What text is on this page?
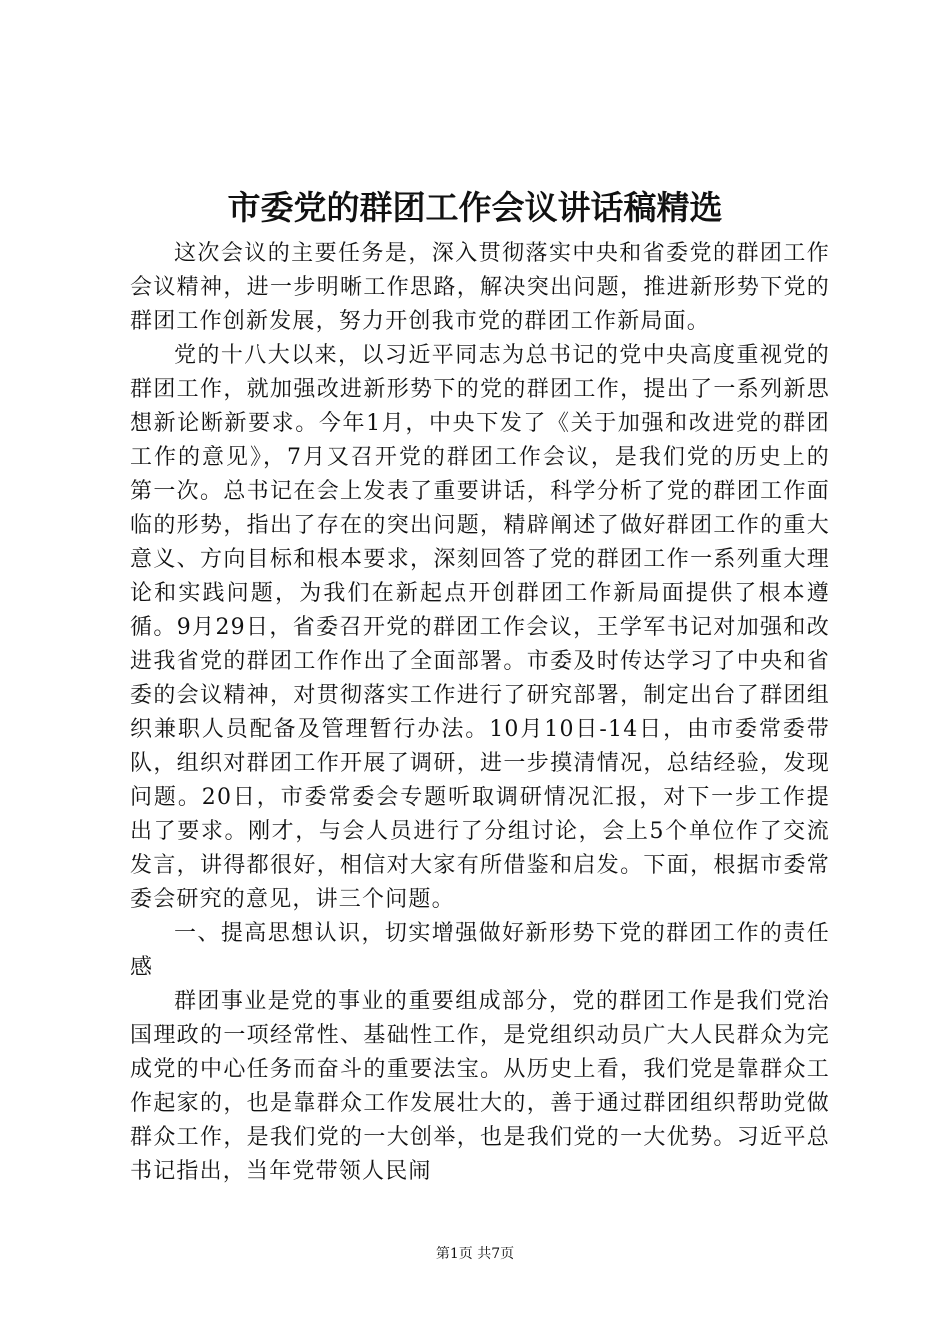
市委党的群团工作会议讲话稿精选

这次会议的主要任务是，深入贯彻落实中央和省委党的群团工作会议精神，进一步明晰工作思路，解决突出问题，推进新形势下党的群团工作创新发展，努力开创我市党的群团工作新局面。

党的十八大以来，以习近平同志为总书记的党中央高度重视党的群团工作，就加强改进新形势下的党的群团工作，提出了一系列新思想新论断新要求。今年1月，中央下发了《关于加强和改进党的群团工作的意见》，7月又召开党的群团工作会议，是我们党的历史上的第一次。总书记在会上发表了重要讲话，科学分析了党的群团工作面临的形势，指出了存在的突出问题，精辟阐述了做好群团工作的重大意义、方向目标和根本要求，深刻回答了党的群团工作一系列重大理论和实践问题，为我们在新起点开创群团工作新局面提供了根本遵循。9月29日，省委召开党的群团工作会议，王学军书记对加强和改进我省党的群团工作作出了全面部署。市委及时传达学习了中央和省委的会议精神，对贯彻落实工作进行了研究部署，制定出台了群团组织兼职人员配备及管理暂行办法。10月10日-14日，由市委常委带队，组织对群团工作开展了调研，进一步摸清情况，总结经验，发现问题。20日，市委常委会专题听取调研情况汇报，对下一步工作提出了要求。刚才，与会人员进行了分组讨论，会上5个单位作了交流发言，讲得都很好，相信对大家有所借鉴和启发。下面，根据市委常委会研究的意见，讲三个问题。

一、提高思想认识，切实增强做好新形势下党的群团工作的责任感

群团事业是党的事业的重要组成部分，党的群团工作是我们党治国理政的一项经常性、基础性工作，是党组织动员广大人民群众为完成党的中心任务而奋斗的重要法宝。从历史上看，我们党是靠群众工作起家的，也是靠群众工作发展壮大的，善于通过群团组织帮助党做群众工作，是我们党的一大创举，也是我们党的一大优势。习近平总书记指出，当年党带领人民闹

第1页 共7页
